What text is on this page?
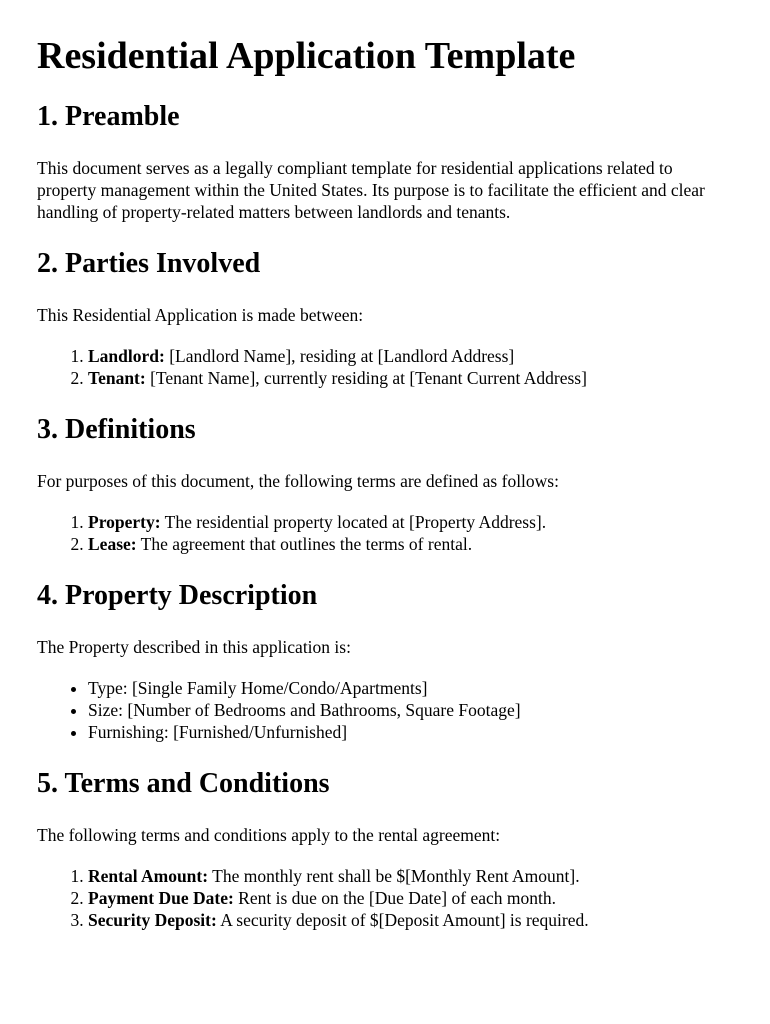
Residential Application Template
1. Preamble

This document serves as a legally compliant template for residential applications related to property management within the United States. Its purpose is to facilitate the efficient and clear handling of property-related matters between landlords and tenants.

2. Parties Involved

This Residential Application is made between:

1. Landlord: [Landlord Name], residing at [Landlord Address]
2. Tenant: [Tenant Name], currently residing at [Tenant Current Address]
3. Definitions

For purposes of this document, the following terms are defined as follows:

1. Property: The residential property located at [Property Address].
2. Lease: The agreement that outlines the terms of rental.
4. Property Description

The Property described in this application is:

• Type: [Single Family Home/Condo/Apartments]
• Size: [Number of Bedrooms and Bathrooms, Square Footage]
• Furnishing: [Furnished/Unfurnished]
5. Terms and Conditions

The following terms and conditions apply to the rental agreement:

1. Rental Amount: The monthly rent shall be $[Monthly Rent Amount].
2. Payment Due Date: Rent is due on the [Due Date] of each month.
3. Security Deposit: A security deposit of $[Deposit Amount] is required.
